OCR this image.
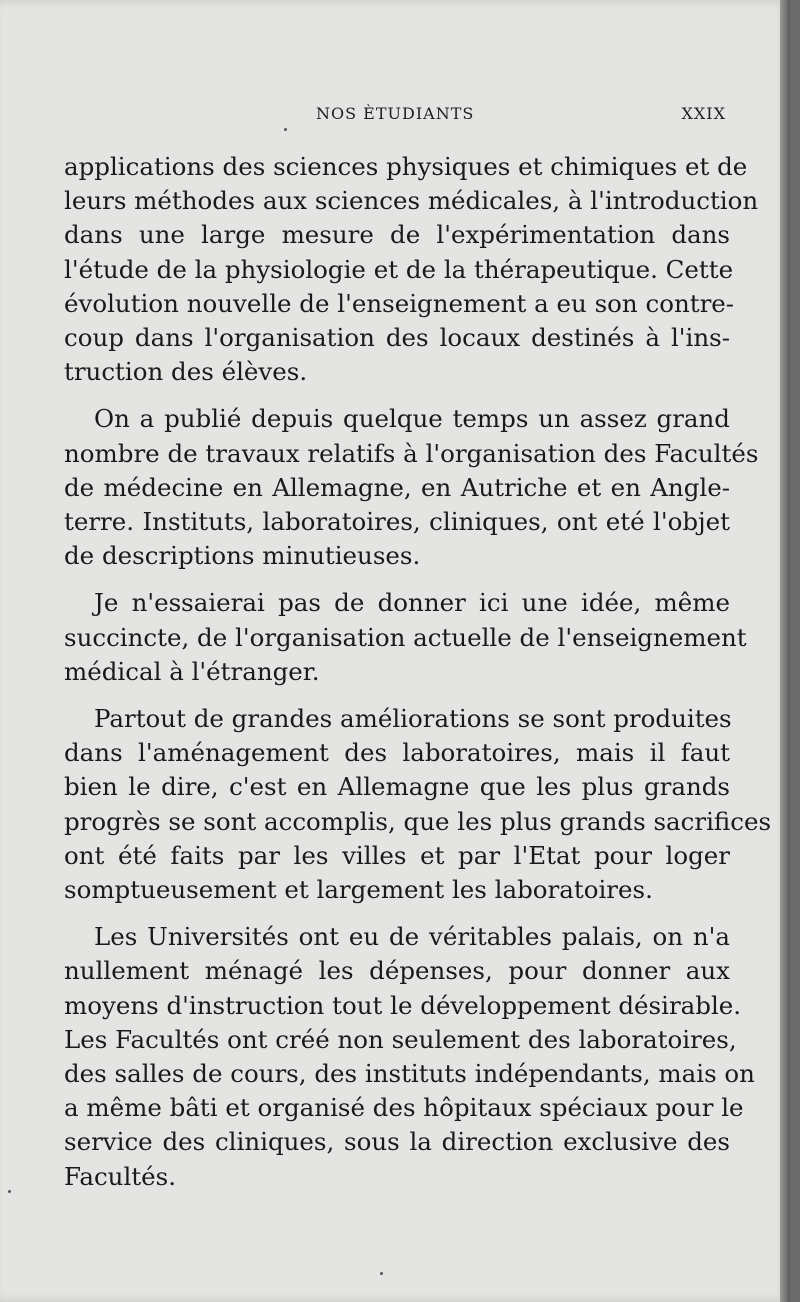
NOS ÈTUDIANTS	XXIX

applications des sciences physiques et chimiques et de
leurs méthodes aux sciences médicales, à l'introduction
dans une large mesure de l'expérimentation dans
l'étude de la physiologie et de la thérapeutique. Cette
évolution nouvelle de l'enseignement a eu son contre-
coup dans l'organisation des locaux destinés à l'ins-
truction des élèves.

On a publié depuis quelque temps un assez grand
nombre de travaux relatifs à l'organisation des Facultés
de médecine en Allemagne, en Autriche et en Angle-
terre. Instituts, laboratoires, cliniques, ont eté l'objet
de descriptions minutieuses.

Je n'essaierai pas de donner ici une idée, même
succincte, de l'organisation actuelle de l'enseignement
médical à l'étranger.

Partout de grandes améliorations se sont produites
dans l'aménagement des laboratoires, mais il faut
bien le dire, c'est en Allemagne que les plus grands
progrès se sont accomplis, que les plus grands sacrifices
ont été faits par les villes et par l'Etat pour loger
somptueusement et largement les laboratoires.

Les Universités ont eu de véritables palais, on n'a
nullement ménagé les dépenses, pour donner aux
moyens d'instruction tout le développement désirable.
Les Facultés ont créé non seulement des laboratoires,
des salles de cours, des instituts indépendants, mais on
a même bâti et organisé des hôpitaux spéciaux pour le
service des cliniques, sous la direction exclusive des
Facultés.
